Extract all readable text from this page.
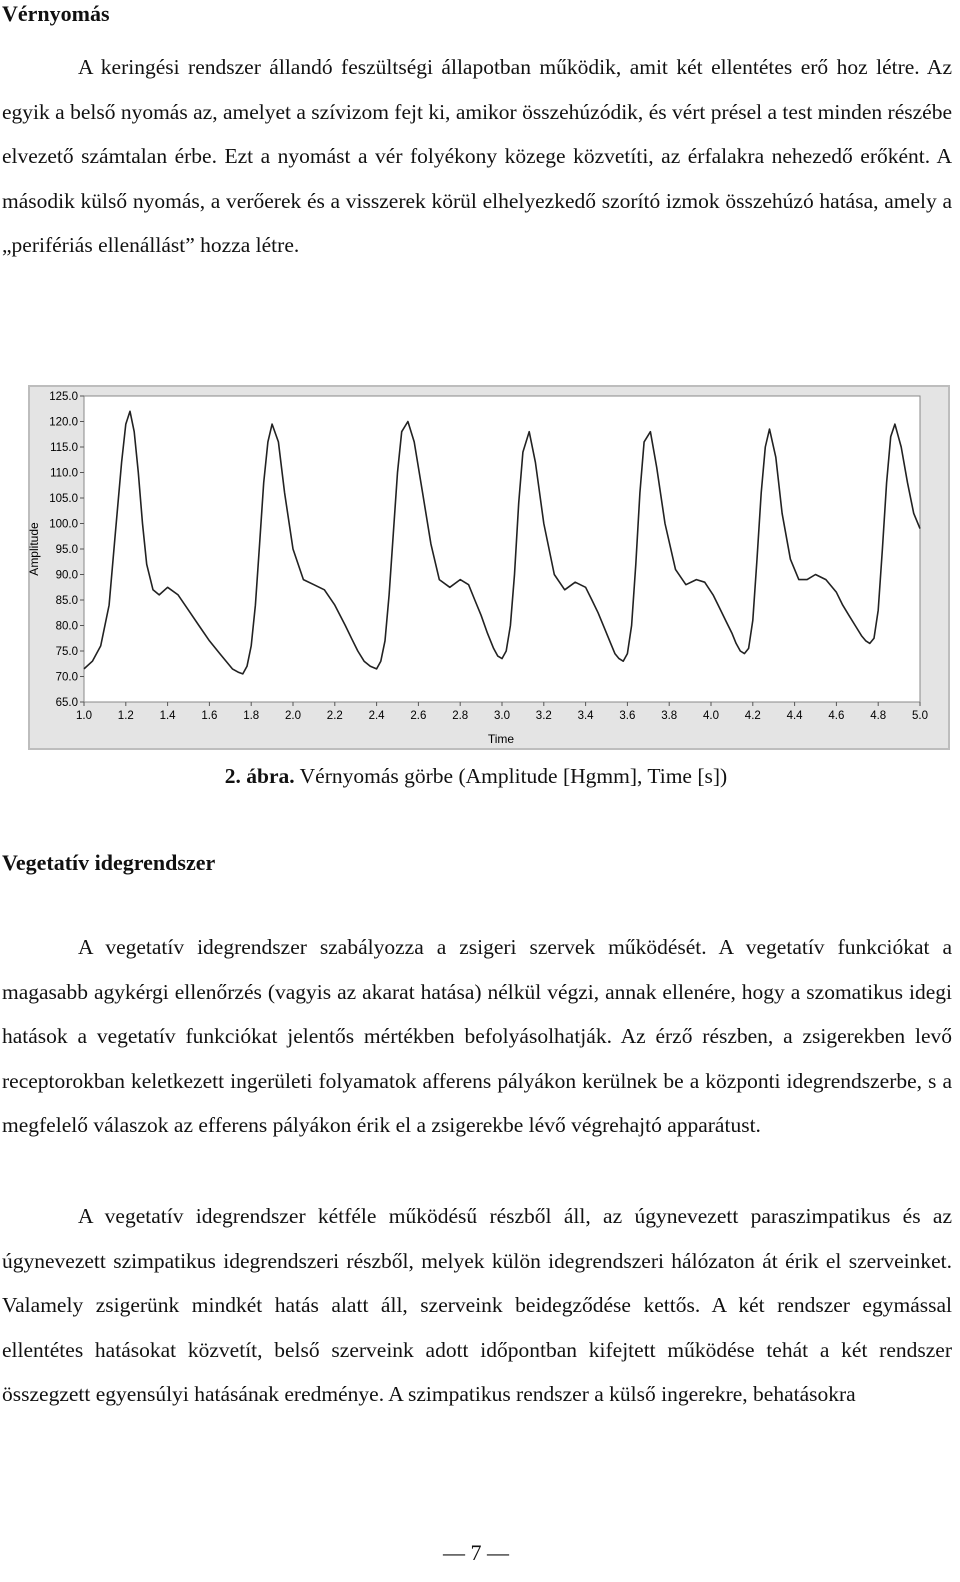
Vérnyomás

A keringési rendszer állandó feszültségi állapotban működik, amit két ellentétes erő hoz létre. Az egyik a belső nyomás az, amelyet a szívizom fejt ki, amikor összehúzódik, és vért présel a test minden részébe elvezető számtalan érbe. Ezt a nyomást a vér folyékony közege közvetíti, az érfalakra nehezedő erőként. A második külső nyomás, a verőerek és a visszerek körül elhelyezkedő szorító izmok összehúzó hatása, amely a „perifériás ellenállást” hozza létre.

125.0
120.0
115.0
110.0
105.0
100.0
95.0
90.0
85.0
80.0
75.0
70.0
65.0
1.0 1.2 1.4 1.6 1.8 2.0 2.2 2.4 2.6 2.8 3.0 3.2 3.4 3.6 3.8 4.0 4.2 4.4 4.6 4.8 5.0
Amplitude
Time
2. ábra. Vérnyomás görbe (Amplitude [Hgmm], Time [s])
Vegetatív idegrendszer

A vegetatív idegrendszer szabályozza a zsigeri szervek működését. A vegetatív funkciókat a magasabb agykérgi ellenőrzés (vagyis az akarat hatása) nélkül végzi, annak ellenére, hogy a szomatikus idegi hatások a vegetatív funkciókat jelentős mértékben befolyásolhatják. Az érző részben, a zsigerekben levő receptorokban keletkezett ingerületi folyamatok afferens pályákon kerülnek be a központi idegrendszerbe, s a megfelelő válaszok az efferens pályákon érik el a zsigerekbe lévő végrehajtó apparátust.

A vegetatív idegrendszer kétféle működésű részből áll, az úgynevezett paraszimpatikus és az úgynevezett szimpatikus idegrendszeri részből, melyek külön idegrendszeri hálózaton át érik el szerveinket. Valamely zsigerünk mindkét hatás alatt áll, szerveink beidegződése kettős. A két rendszer egymással ellentétes hatásokat közvetít, belső szerveink adott időpontban kifejtett működése tehát a két rendszer összegzett egyensúlyi hatásának eredménye. A szimpatikus rendszer a külső ingerekre, behatásokra

— 7 —
